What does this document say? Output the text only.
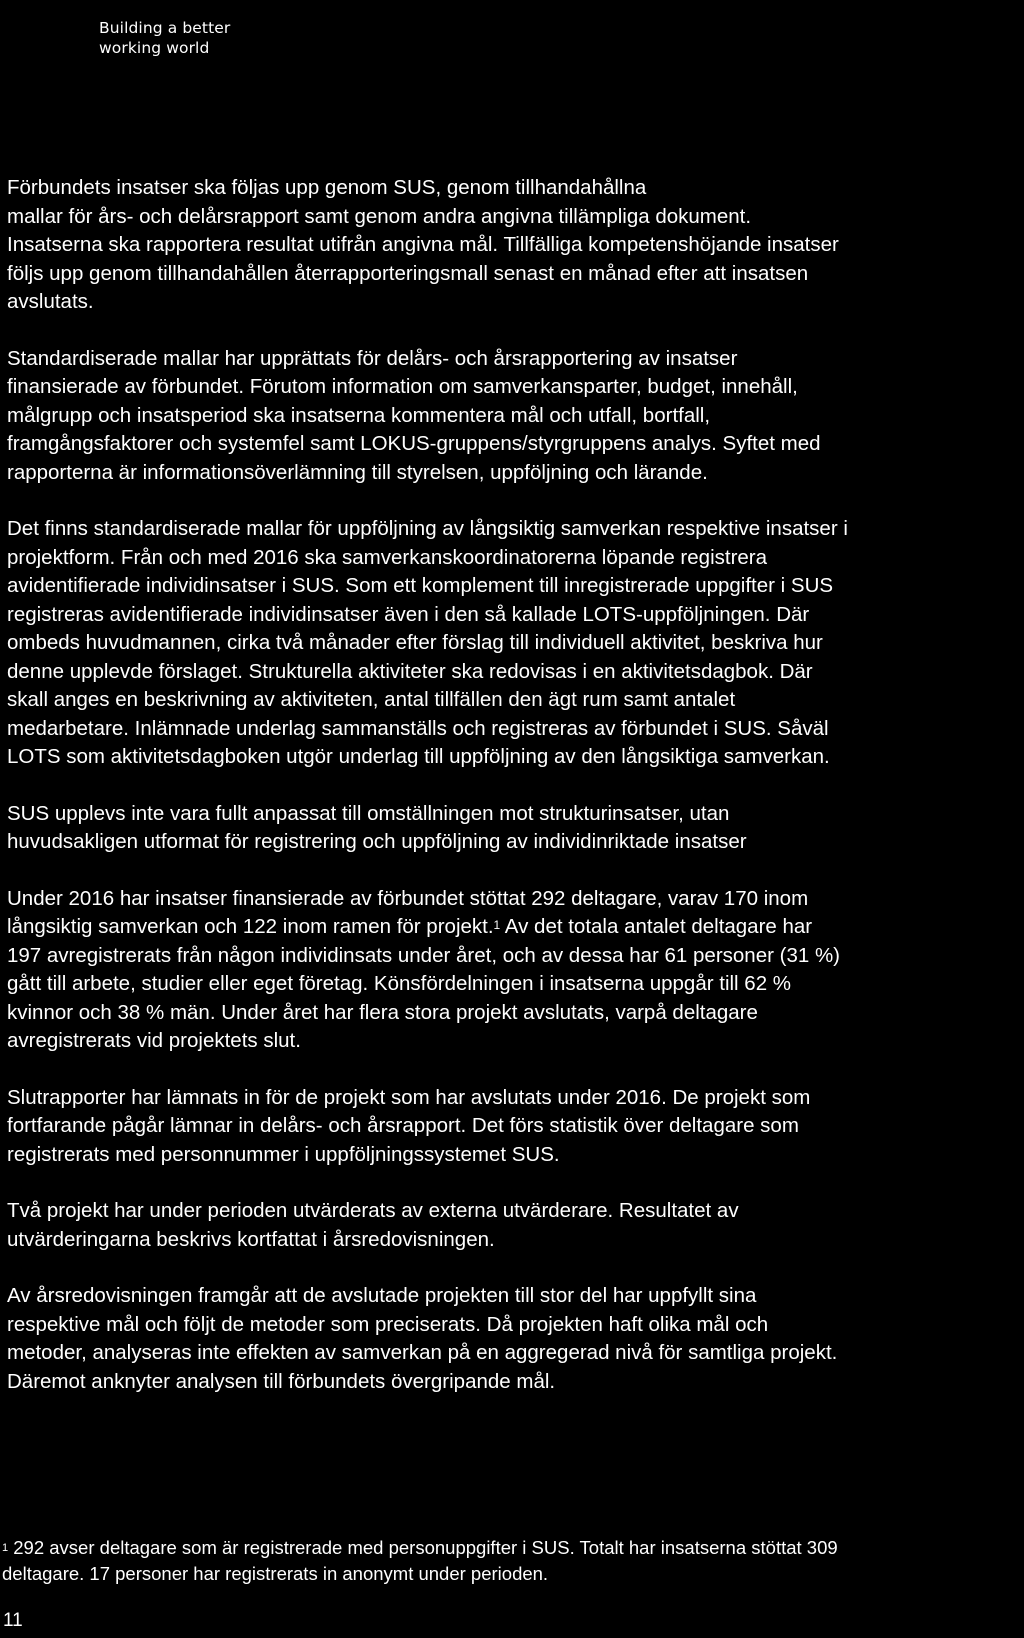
Building a better
working world

Förbundets insatser ska följas upp genom SUS, genom tillhandahållna
mallar för års- och delårsrapport samt genom andra angivna tillämpliga dokument.
Insatserna ska rapportera resultat utifrån angivna mål. Tillfälliga kompetenshöjande insatser
följs upp genom tillhandahållen återrapporteringsmall senast en månad efter att insatsen
avslutats.

Standardiserade mallar har upprättats för delårs- och årsrapportering av insatser
finansierade av förbundet. Förutom information om samverkansparter, budget, innehåll,
målgrupp och insatsperiod ska insatserna kommentera mål och utfall, bortfall,
framgångsfaktorer och systemfel samt LOKUS-gruppens/styrgruppens analys. Syftet med
rapporterna är informationsöverlämning till styrelsen, uppföljning och lärande.

Det finns standardiserade mallar för uppföljning av långsiktig samverkan respektive insatser i
projektform. Från och med 2016 ska samverkanskoordinatorerna löpande registrera
avidentifierade individinsatser i SUS. Som ett komplement till inregistrerade uppgifter i SUS
registreras avidentifierade individinsatser även i den så kallade LOTS-uppföljningen. Där
ombeds huvudmannen, cirka två månader efter förslag till individuell aktivitet, beskriva hur
denne upplevde förslaget. Strukturella aktiviteter ska redovisas i en aktivitetsdagbok. Där
skall anges en beskrivning av aktiviteten, antal tillfällen den ägt rum samt antalet
medarbetare. Inlämnade underlag sammanställs och registreras av förbundet i SUS. Såväl
LOTS som aktivitetsdagboken utgör underlag till uppföljning av den långsiktiga samverkan.

SUS upplevs inte vara fullt anpassat till omställningen mot strukturinsatser, utan
huvudsakligen utformat för registrering och uppföljning av individinriktade insatser

Under 2016 har insatser finansierade av förbundet stöttat 292 deltagare, varav 170 inom
långsiktig samverkan och 122 inom ramen för projekt.$^1$ Av det totala antalet deltagare har
197 avregistrerats från någon individinsats under året, och av dessa har 61 personer (31 %)
gått till arbete, studier eller eget företag. Könsfördelningen i insatserna uppgår till 62 %
kvinnor och 38 % män. Under året har flera stora projekt avslutats, varpå deltagare
avregistrerats vid projektets slut.

Slutrapporter har lämnats in för de projekt som har avslutats under 2016. De projekt som
fortfarande pågår lämnar in delårs- och årsrapport. Det förs statistik över deltagare som
registrerats med personnummer i uppföljningssystemet SUS.

Två projekt har under perioden utvärderats av externa utvärderare. Resultatet av
utvärderingarna beskrivs kortfattat i årsredovisningen.

Av årsredovisningen framgår att de avslutade projekten till stor del har uppfyllt sina
respektive mål och följt de metoder som preciserats. Då projekten haft olika mål och
metoder, analyseras inte effekten av samverkan på en aggregerad nivå för samtliga projekt.
Däremot anknyter analysen till förbundets övergripande mål.

$^1$ 292 avser deltagare som är registrerade med personuppgifter i SUS. Totalt har insatserna stöttat 309
deltagare. 17 personer har registrerats in anonymt under perioden.
11
